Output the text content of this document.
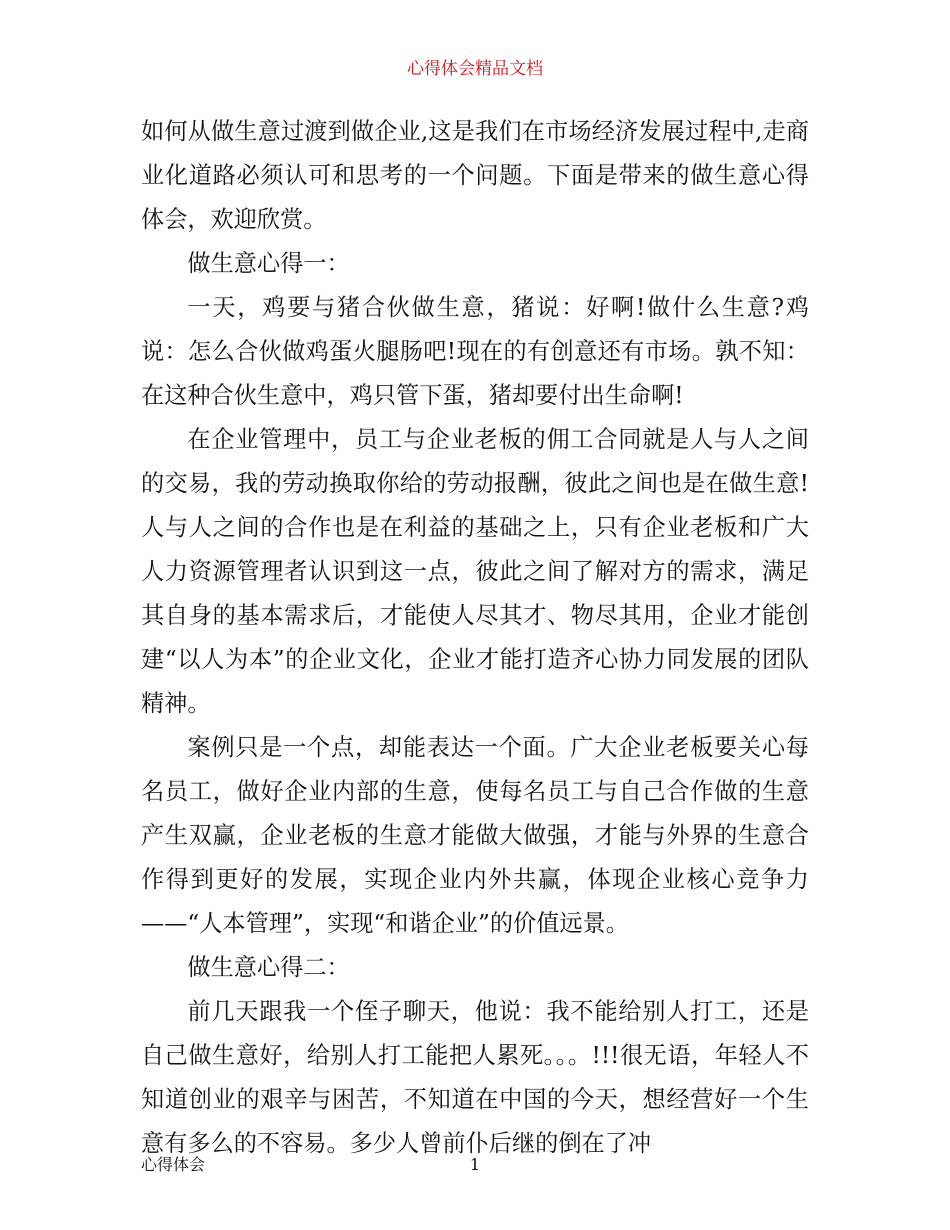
心得体会精品文档

如何从做生意过渡到做企业,这是我们在市场经济发展过程中,走商业化道路必须认可和思考的一个问题。下面是带来的做生意心得体会，欢迎欣赏。

做生意心得一：

一天，鸡要与猪合伙做生意，猪说：好啊!做什么生意?鸡说：怎么合伙做鸡蛋火腿肠吧!现在的有创意还有市场。孰不知：在这种合伙生意中，鸡只管下蛋，猪却要付出生命啊!

在企业管理中，员工与企业老板的佣工合同就是人与人之间的交易，我的劳动换取你给的劳动报酬，彼此之间也是在做生意!人与人之间的合作也是在利益的基础之上，只有企业老板和广大人力资源管理者认识到这一点，彼此之间了解对方的需求，满足其自身的基本需求后，才能使人尽其才、物尽其用，企业才能创建“以人为本”的企业文化，企业才能打造齐心协力同发展的团队精神。

案例只是一个点，却能表达一个面。广大企业老板要关心每名员工，做好企业内部的生意，使每名员工与自己合作做的生意产生双赢，企业老板的生意才能做大做强，才能与外界的生意合作得到更好的发展，实现企业内外共赢，体现企业核心竞争力——“人本管理”，实现“和谐企业”的价值远景。

做生意心得二：

前几天跟我一个侄子聊天，他说：我不能给别人打工，还是自己做生意好，给别人打工能把人累死。。。!!!很无语，年轻人不知道创业的艰辛与困苦，不知道在中国的今天，想经营好一个生意有多么的不容易。多少人曾前仆后继的倒在了冲

心得体会	1
